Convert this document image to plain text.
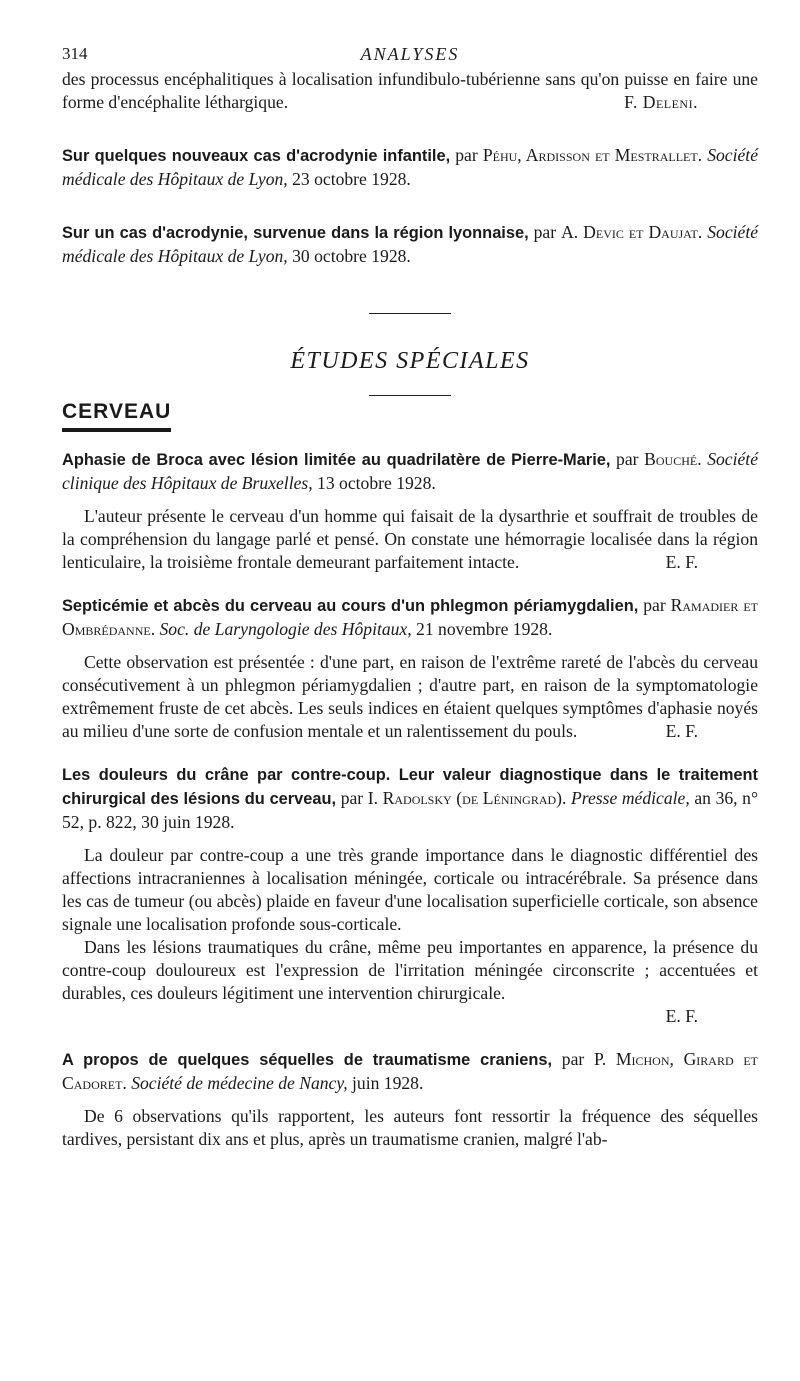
314	ANALYSES

des processus encéphalitiques à localisation infundibulo-tubérienne sans qu'on puisse en faire une forme d'encéphalite léthargique.	F. Deleni.

Sur quelques nouveaux cas d'acrodynie infantile, par Péhu, Ardisson et Mestrallet. Société médicale des Hôpitaux de Lyon, 23 octobre 1928.

Sur un cas d'acrodynie, survenue dans la région lyonnaise, par A. Devic et Daujat. Société médicale des Hôpitaux de Lyon, 30 octobre 1928.

ÉTUDES SPÉCIALES
CERVEAU

Aphasie de Broca avec lésion limitée au quadrilatère de Pierre-Marie, par Bouché. Société clinique des Hôpitaux de Bruxelles, 13 octobre 1928.

L'auteur présente le cerveau d'un homme qui faisait de la dysarthrie et souffrait de troubles de la compréhension du langage parlé et pensé. On constate une hémorragie localisée dans la région lenticulaire, la troisième frontale demeurant parfaitement intacte.	E. F.

Septicémie et abcès du cerveau au cours d'un phlegmon périamygdalien, par Ramadier et Ombrédanne. Soc. de Laryngologie des Hôpitaux, 21 novembre 1928.

Cette observation est présentée : d'une part, en raison de l'extrême rareté de l'abcès du cerveau consécutivement à un phlegmon périamygdalien ; d'autre part, en raison de la symptomatologie extrêmement fruste de cet abcès. Les seuls indices en étaient quelques symptômes d'aphasie noyés au milieu d'une sorte de confusion mentale et un ralentissement du pouls.	E. F.

Les douleurs du crâne par contre-coup. Leur valeur diagnostique dans le traitement chirurgical des lésions du cerveau, par I. Radolsky (de Léningrad). Presse médicale, an 36, n° 52, p. 822, 30 juin 1928.

La douleur par contre-coup a une très grande importance dans le diagnostic différentiel des affections intracraniennes à localisation méningée, corticale ou intracérébrale. Sa présence dans les cas de tumeur (ou abcès) plaide en faveur d'une localisation superficielle corticale, son absence signale une localisation profonde sous-corticale.

Dans les lésions traumatiques du crâne, même peu importantes en apparence, la présence du contre-coup douloureux est l'expression de l'irritation méningée circonscrite ; accentuées et durables, ces douleurs légitiment une intervention chirurgicale.

E. F.

A propos de quelques séquelles de traumatisme craniens, par P. Michon, Girard et Cadoret. Société de médecine de Nancy, juin 1928.

De 6 observations qu'ils rapportent, les auteurs font ressortir la fréquence des séquelles tardives, persistant dix ans et plus, après un traumatisme cranien, malgré l'ab-
